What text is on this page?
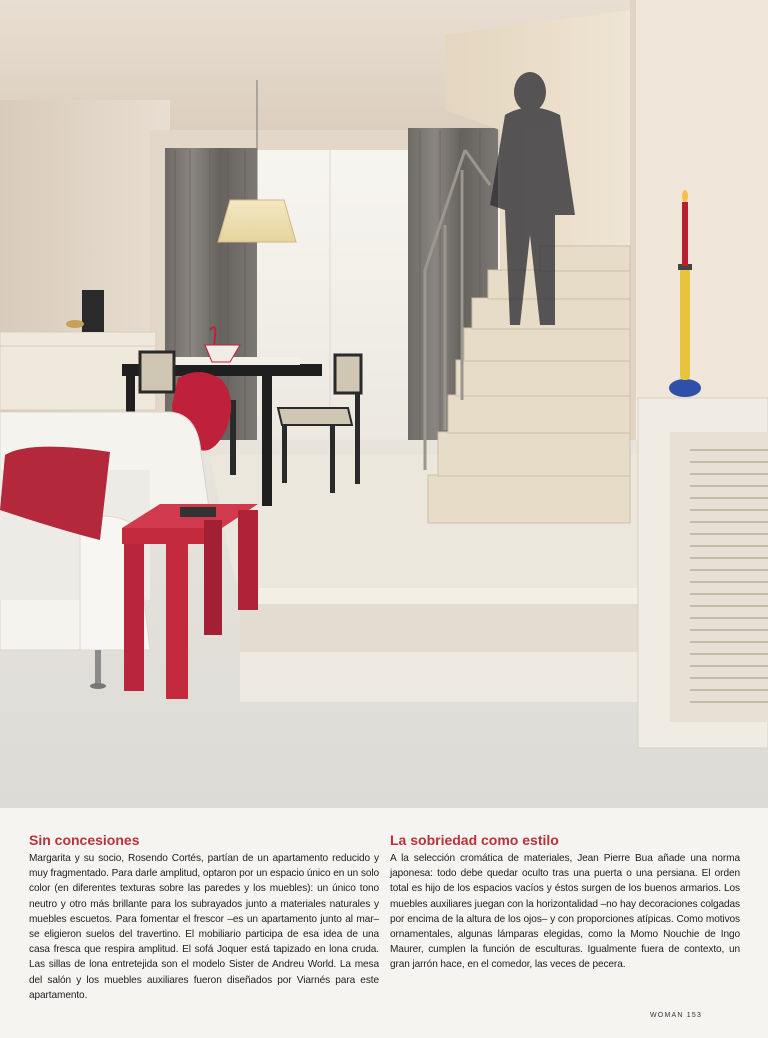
Sin concesiones

Margarita y su socio, Rosendo Cortés, partían de un apartamento reducido y muy fragmentado. Para darle amplitud, optaron por un espacio único en un solo color (en diferentes texturas sobre las paredes y los muebles): un único tono neutro y otro más brillante para los subrayados junto a materiales naturales y muebles escuetos. Para fomentar el frescor –es un apartamento junto al mar– se eligieron suelos del travertino. El mobiliario participa de esa idea de una casa fresca que respira amplitud. El sofá Joquer está tapizado en lona cruda. Las sillas de lona entretejida son el modelo Sister de Andreu World. La mesa del salón y los muebles auxiliares fueron diseñados por Viarnés para este apartamento.

La sobriedad como estilo

A la selección cromática de materiales, Jean Pierre Bua añade una norma japonesa: todo debe quedar oculto tras una puerta o una persiana. El orden total es hijo de los espacios vacíos y éstos surgen de los buenos armarios. Los muebles auxiliares juegan con la horizontalidad –no hay decoraciones colgadas por encima de la altura de los ojos– y con proporciones atípicas. Como motivos ornamentales, algunas lámparas elegidas, como la Momo Nouchie de Ingo Maurer, cumplen la función de esculturas. Igualmente fuera de contexto, un gran jarrón hace, en el comedor, las veces de pecera.

WOMAN 153
